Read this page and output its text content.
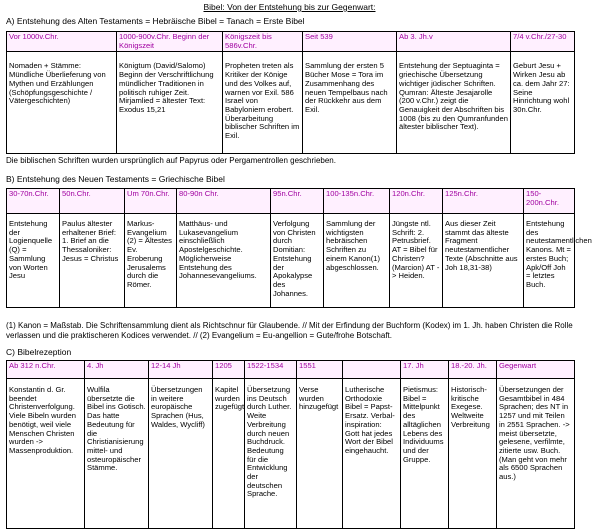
Bibel: Von der Entstehung bis zur Gegenwart:
A) Entstehung des Alten Testaments = Hebräische Bibel = Tanach = Erste Bibel
Vor 1000v.Chr.	1000-900v.Chr. Beginn der Königszeit	Königszeit bis 586v.Chr.	Seit 539	Ab 3. Jh.v	7/4 v.Chr./27-30
Nomaden + Stämme: Mündliche Überlieferung von Mythen und Erzählungen (Schöpfungsgeschichte / Vätergeschichten)	Königtum (David/Salomo) Beginn der Verschriftlichung mündlicher Traditionen in politisch ruhiger Zeit. Mirjamlied = ältester Text: Exodus 15,21	Propheten treten als Kritiker der Könige und des Volkes auf, warnen vor Exil. 586 Israel von Babyloniern erobert. Überarbeitung biblischer Schriften im Exil.	Sammlung der ersten 5 Bücher Mose = Tora im Zusammenhang des neuen Tempelbaus nach der Rückkehr aus dem Exil.	Entstehung der Septuaginta = griechische Übersetzung wichtiger jüdischer Schriften. Qumran: Älteste Jesajarolle (200 v.Chr.) zeigt die Genauigkeit der Abschriften bis 1008 (bis zu den Qumranfunden ältester biblischer Text).	Geburt Jesu + Wirken Jesu ab ca. dem Jahr 27: Seine Hinrichtung wohl 30n.Chr.
Die biblischen Schriften wurden ursprünglich auf Papyrus oder Pergamentrollen geschrieben.
B) Entstehung des Neuen Testaments = Griechische Bibel
30-70n.Chr.	50n.Chr.	Um 70n.Chr.	80-90n Chr.	95n.Chr.	100-135n.Chr.	120n.Chr.	125n.Chr.	150-200n.Chr.
Entstehung der Logienquelle (Q) = Sammlung von Worten Jesu	Paulus ältester erhaltener Brief: 1. Brief an die Thessaloniker: Jesus = Christus	Markus-Evangelium (2) = Ältestes Ev. Eroberung Jerusalems durch die Römer.	Matthäus- und Lukasevangelium einschließlich Apostelgeschichte. Möglicherweise Entstehung des Johannesevangeliums.	Verfolgung von Christen durch Domitian: Entstehung der Apokalypse des Johannes.	Sammlung der wichtigsten hebräischen Schriften zu einem Kanon(1) abgeschlossen.	Jüngste ntl. Schrift: 2. Petrusbrief. AT = Bibel für Christen? (Marcion) AT -> Heiden.	Aus dieser Zeit stammt das älteste Fragment neutestamentlicher Texte (Abschnitte aus Joh 18,31-38)	Entstehung des neutestamentlichen Kanons. Mt = erstes Buch; Apk/Off Joh = letztes Buch.
(1) Kanon = Maßstab. Die Schriftensammlung dient als Richtschnur für Glaubende. // Mit der Erfindung der Buchform (Kodex) im 1. Jh. haben Christen die Rolle verlassen und die praktischeren Kodices verwendet. // (2) Evangelium = Eu-angellion = Gute/frohe Botschaft.
C) Bibelrezeption
Ab 312 n.Chr.	4. Jh	12-14 Jh	1205	1522-1534	1551		17. Jh	18.-20. Jh.	Gegenwart
Konstantin d. Gr. beendet Christenverfolgung. Viele Bibeln wurden benötigt, weil viele Menschen Christen wurden -> Massenproduktion.	Wulfila übersetzte die Bibel ins Gotisch. Das hatte Bedeutung für die Christianisierung mittel- und osteuropäischer Stämme.	Übersetzungen in weitere europäische Sprachen (Hus, Waldes, Wycliff)	Kapitel wurden zugefügt	Übersetzung ins Deutsch durch Luther. Weite Verbreitung durch neuen Buchdruck. Bedeutung für die Entwicklung der deutschen Sprache.	Verse wurden hinzugefügt	Lutherische Orthodoxie Bibel = Papst-Ersatz. Verbal-inspiration: Gott hat jedes Wort der Bibel eingehaucht.	Pietismus: Bibel = Mittelpunkt des alltäglichen Lebens des Individuums und der Gruppe.	Historisch-kritische Exegese. Weltweite Verbreitung	Übersetzungen der Gesamtbibel in 484 Sprachen; des NT in 1257 und mit Teilen in 2551 Sprachen. -> meist übersetzte, gelesene, verfilmte, zitierte usw. Buch. (Man geht von mehr als 6500 Sprachen aus.)
